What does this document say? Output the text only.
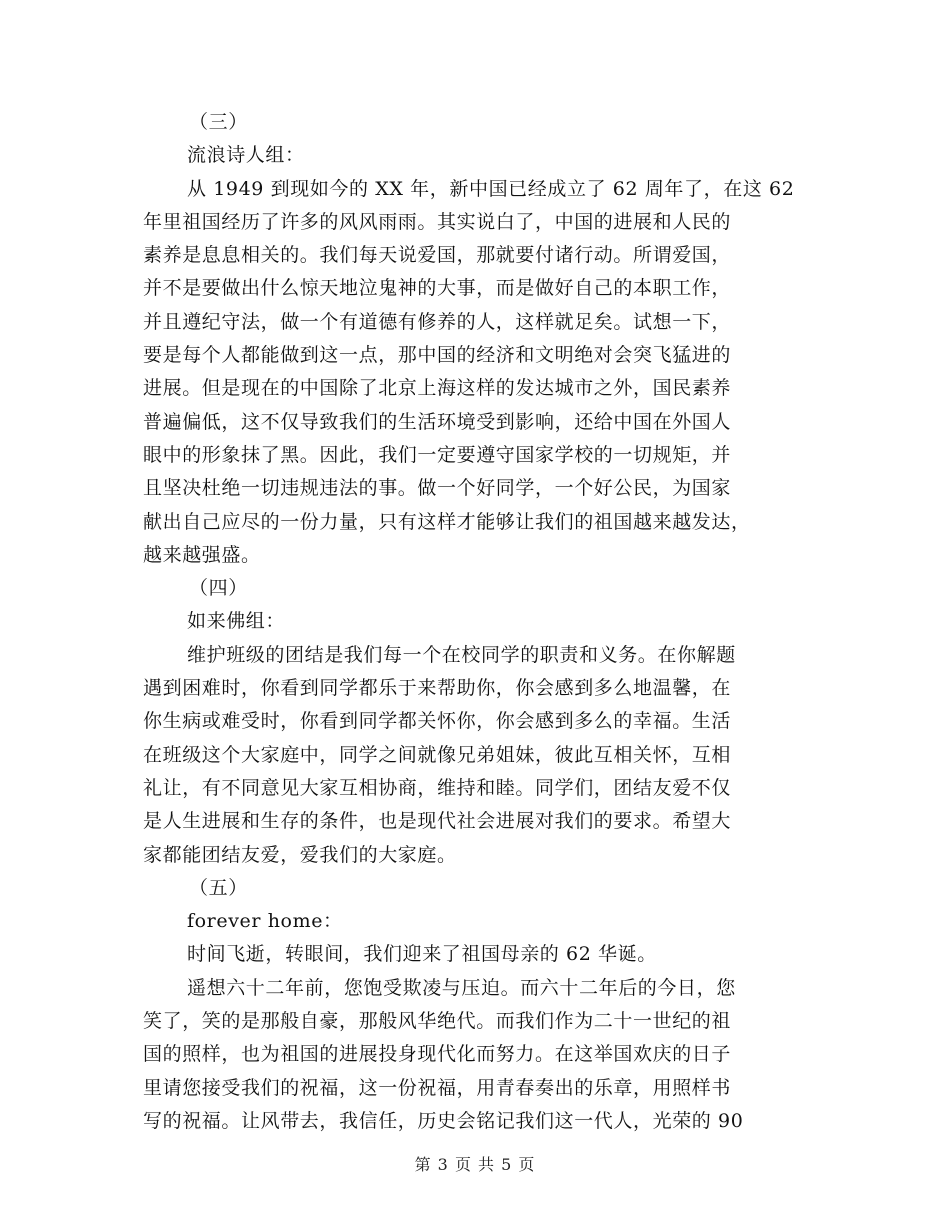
（三）
流浪诗人组：
从 1949 到现如今的 XX 年，新中国已经成立了 62 周年了，在这 62
年里祖国经历了许多的风风雨雨。其实说白了，中国的进展和人民的
素养是息息相关的。我们每天说爱国，那就要付诸行动。所谓爱国，
并不是要做出什么惊天地泣鬼神的大事，而是做好自己的本职工作，
并且遵纪守法，做一个有道德有修养的人，这样就足矣。试想一下，
要是每个人都能做到这一点，那中国的经济和文明绝对会突飞猛进的
进展。但是现在的中国除了北京上海这样的发达城市之外，国民素养
普遍偏低，这不仅导致我们的生活环境受到影响，还给中国在外国人
眼中的形象抹了黑。因此，我们一定要遵守国家学校的一切规矩，并
且坚决杜绝一切违规违法的事。做一个好同学，一个好公民，为国家
献出自己应尽的一份力量，只有这样才能够让我们的祖国越来越发达，
越来越强盛。
（四）
如来佛组：
维护班级的团结是我们每一个在校同学的职责和义务。在你解题
遇到困难时，你看到同学都乐于来帮助你，你会感到多么地温馨，在
你生病或难受时，你看到同学都关怀你，你会感到多么的幸福。生活
在班级这个大家庭中，同学之间就像兄弟姐妹，彼此互相关怀，互相
礼让，有不同意见大家互相协商，维持和睦。同学们，团结友爱不仅
是人生进展和生存的条件，也是现代社会进展对我们的要求。希望大
家都能团结友爱，爱我们的大家庭。
（五）
forever home：
时间飞逝，转眼间，我们迎来了祖国母亲的 62 华诞。
遥想六十二年前，您饱受欺凌与压迫。而六十二年后的今日，您
笑了，笑的是那般自豪，那般风华绝代。而我们作为二十一世纪的祖
国的照样，也为祖国的进展投身现代化而努力。在这举国欢庆的日子
里请您接受我们的祝福，这一份祝福，用青春奏出的乐章，用照样书
写的祝福。让风带去，我信任，历史会铭记我们这一代人，光荣的 90
第 3 页 共 5 页
